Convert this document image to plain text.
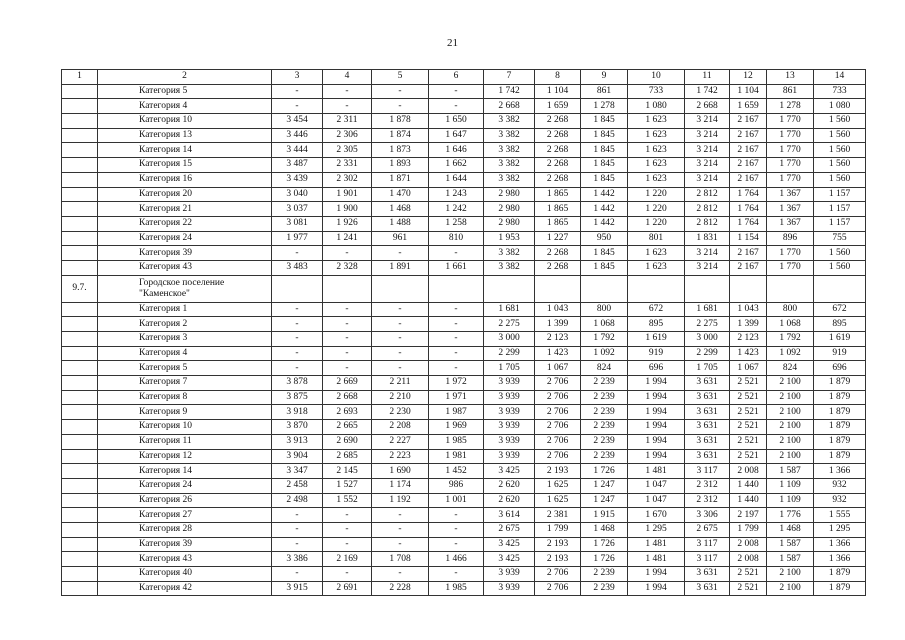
21
1	2	3	4	5	6	7	8	9	10	11	12	13	14
	Категория 5	-	-	-	-	1 742	1 104	861	733	1 742	1 104	861	733
	Категория 4	-	-	-	-	2 668	1 659	1 278	1 080	2 668	1 659	1 278	1 080
	Категория 10	3 454	2 311	1 878	1 650	3 382	2 268	1 845	1 623	3 214	2 167	1 770	1 560
	Категория 13	3 446	2 306	1 874	1 647	3 382	2 268	1 845	1 623	3 214	2 167	1 770	1 560
	Категория 14	3 444	2 305	1 873	1 646	3 382	2 268	1 845	1 623	3 214	2 167	1 770	1 560
	Категория 15	3 487	2 331	1 893	1 662	3 382	2 268	1 845	1 623	3 214	2 167	1 770	1 560
	Категория 16	3 439	2 302	1 871	1 644	3 382	2 268	1 845	1 623	3 214	2 167	1 770	1 560
	Категория 20	3 040	1 901	1 470	1 243	2 980	1 865	1 442	1 220	2 812	1 764	1 367	1 157
	Категория 21	3 037	1 900	1 468	1 242	2 980	1 865	1 442	1 220	2 812	1 764	1 367	1 157
	Категория 22	3 081	1 926	1 488	1 258	2 980	1 865	1 442	1 220	2 812	1 764	1 367	1 157
	Категория 24	1 977	1 241	961	810	1 953	1 227	950	801	1 831	1 154	896	755
	Категория 39	-	-	-	-	3 382	2 268	1 845	1 623	3 214	2 167	1 770	1 560
	Категория 43	3 483	2 328	1 891	1 661	3 382	2 268	1 845	1 623	3 214	2 167	1 770	1 560
9.7.	Городское поселение "Каменское"												
	Категория 1	-	-	-	-	1 681	1 043	800	672	1 681	1 043	800	672
	Категория 2	-	-	-	-	2 275	1 399	1 068	895	2 275	1 399	1 068	895
	Категория 3	-	-	-	-	3 000	2 123	1 792	1 619	3 000	2 123	1 792	1 619
	Категория 4	-	-	-	-	2 299	1 423	1 092	919	2 299	1 423	1 092	919
	Категория 5	-	-	-	-	1 705	1 067	824	696	1 705	1 067	824	696
	Категория 7	3 878	2 669	2 211	1 972	3 939	2 706	2 239	1 994	3 631	2 521	2 100	1 879
	Категория 8	3 875	2 668	2 210	1 971	3 939	2 706	2 239	1 994	3 631	2 521	2 100	1 879
	Категория 9	3 918	2 693	2 230	1 987	3 939	2 706	2 239	1 994	3 631	2 521	2 100	1 879
	Категория 10	3 870	2 665	2 208	1 969	3 939	2 706	2 239	1 994	3 631	2 521	2 100	1 879
	Категория 11	3 913	2 690	2 227	1 985	3 939	2 706	2 239	1 994	3 631	2 521	2 100	1 879
	Категория 12	3 904	2 685	2 223	1 981	3 939	2 706	2 239	1 994	3 631	2 521	2 100	1 879
	Категория 14	3 347	2 145	1 690	1 452	3 425	2 193	1 726	1 481	3 117	2 008	1 587	1 366
	Категория 24	2 458	1 527	1 174	986	2 620	1 625	1 247	1 047	2 312	1 440	1 109	932
	Категория 26	2 498	1 552	1 192	1 001	2 620	1 625	1 247	1 047	2 312	1 440	1 109	932
	Категория 27	-	-	-	-	3 614	2 381	1 915	1 670	3 306	2 197	1 776	1 555
	Категория 28	-	-	-	-	2 675	1 799	1 468	1 295	2 675	1 799	1 468	1 295
	Категория 39	-	-	-	-	3 425	2 193	1 726	1 481	3 117	2 008	1 587	1 366
	Категория 43	3 386	2 169	1 708	1 466	3 425	2 193	1 726	1 481	3 117	2 008	1 587	1 366
	Категория 40	-	-	-	-	3 939	2 706	2 239	1 994	3 631	2 521	2 100	1 879
	Категория 42	3 915	2 691	2 228	1 985	3 939	2 706	2 239	1 994	3 631	2 521	2 100	1 879
